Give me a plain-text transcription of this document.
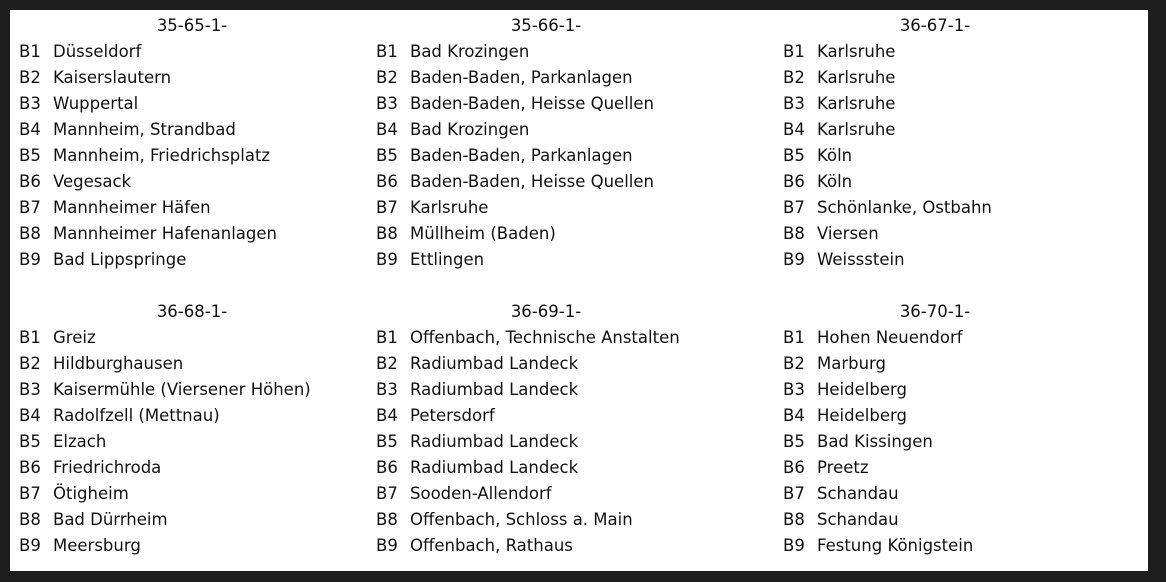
35-65-1-
B1 Düsseldorf
B2 Kaiserslautern
B3 Wuppertal
B4 Mannheim, Strandbad
B5 Mannheim, Friedrichsplatz
B6 Vegesack
B7 Mannheimer Häfen
B8 Mannheimer Hafenanlagen
B9 Bad Lippspringe
35-66-1-
B1 Bad Krozingen
B2 Baden-Baden, Parkanlagen
B3 Baden-Baden, Heisse Quellen
B4 Bad Krozingen
B5 Baden-Baden, Parkanlagen
B6 Baden-Baden, Heisse Quellen
B7 Karlsruhe
B8 Müllheim (Baden)
B9 Ettlingen
36-67-1-
B1 Karlsruhe
B2 Karlsruhe
B3 Karlsruhe
B4 Karlsruhe
B5 Köln
B6 Köln
B7 Schönlanke, Ostbahn
B8 Viersen
B9 Weissstein
36-68-1-
B1 Greiz
B2 Hildburghausen
B3 Kaisermühle (Viersener Höhen)
B4 Radolfzell (Mettnau)
B5 Elzach
B6 Friedrichroda
B7 Ötigheim
B8 Bad Dürrheim
B9 Meersburg
36-69-1-
B1 Offenbach, Technische Anstalten
B2 Radiumbad Landeck
B3 Radiumbad Landeck
B4 Petersdorf
B5 Radiumbad Landeck
B6 Radiumbad Landeck
B7 Sooden-Allendorf
B8 Offenbach, Schloss a. Main
B9 Offenbach, Rathaus
36-70-1-
B1 Hohen Neuendorf
B2 Marburg
B3 Heidelberg
B4 Heidelberg
B5 Bad Kissingen
B6 Preetz
B7 Schandau
B8 Schandau
B9 Festung Königstein
